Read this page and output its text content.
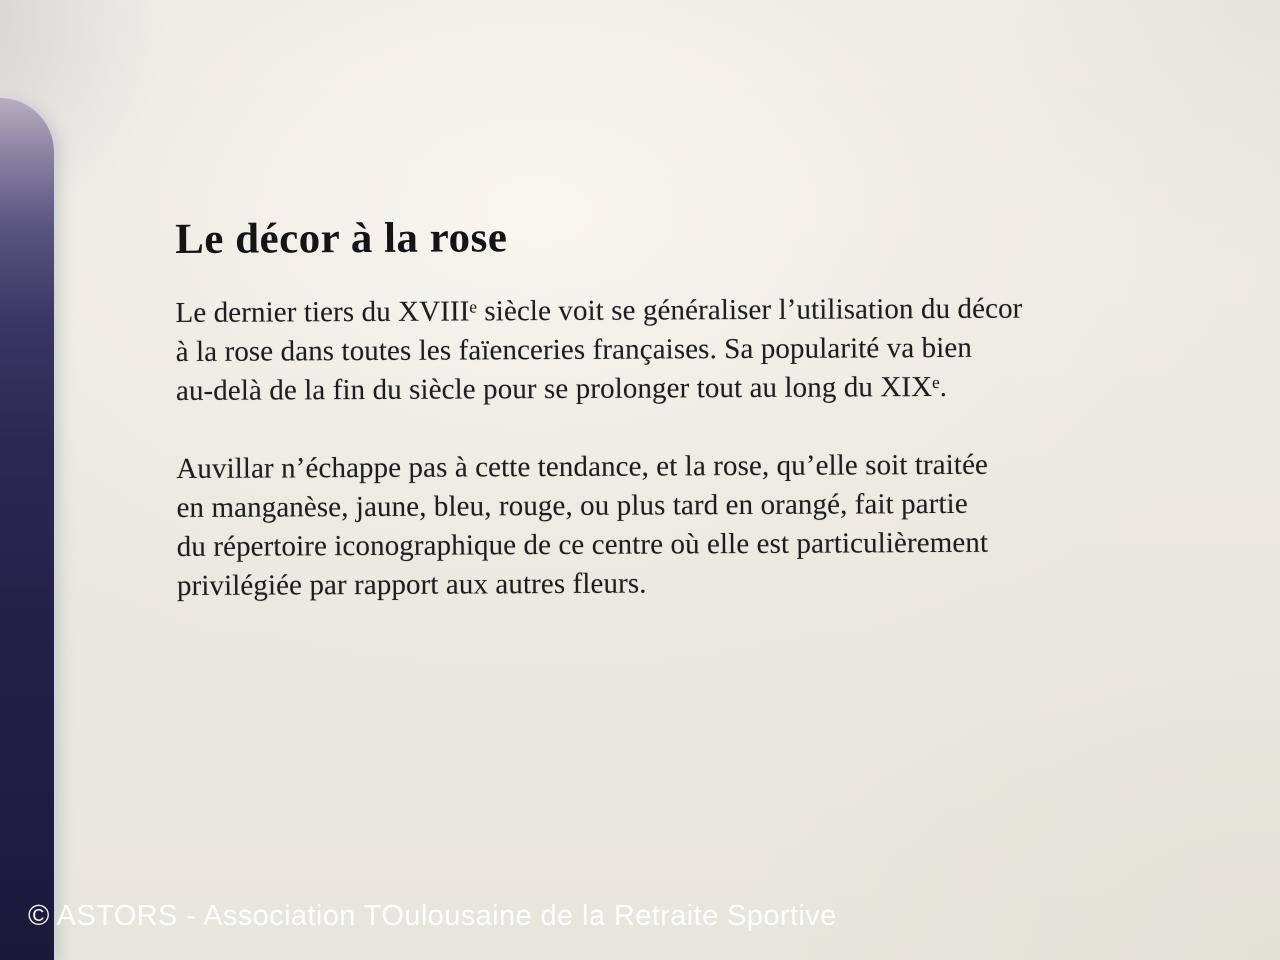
Le décor à la rose
Le dernier tiers du XVIIIᵉ siècle voit se généraliser l’utilisation du décor
à la rose dans toutes les faïenceries françaises. Sa popularité va bien
au-delà de la fin du siècle pour se prolonger tout au long du XIXᵉ.
Auvillar n’échappe pas à cette tendance, et la rose, qu’elle soit traitée
en manganèse, jaune, bleu, rouge, ou plus tard en orangé, fait partie
du répertoire iconographique de ce centre où elle est particulièrement
privilégiée par rapport aux autres fleurs.
© ASTORS - Association TOulousaine de la Retraite Sportive
